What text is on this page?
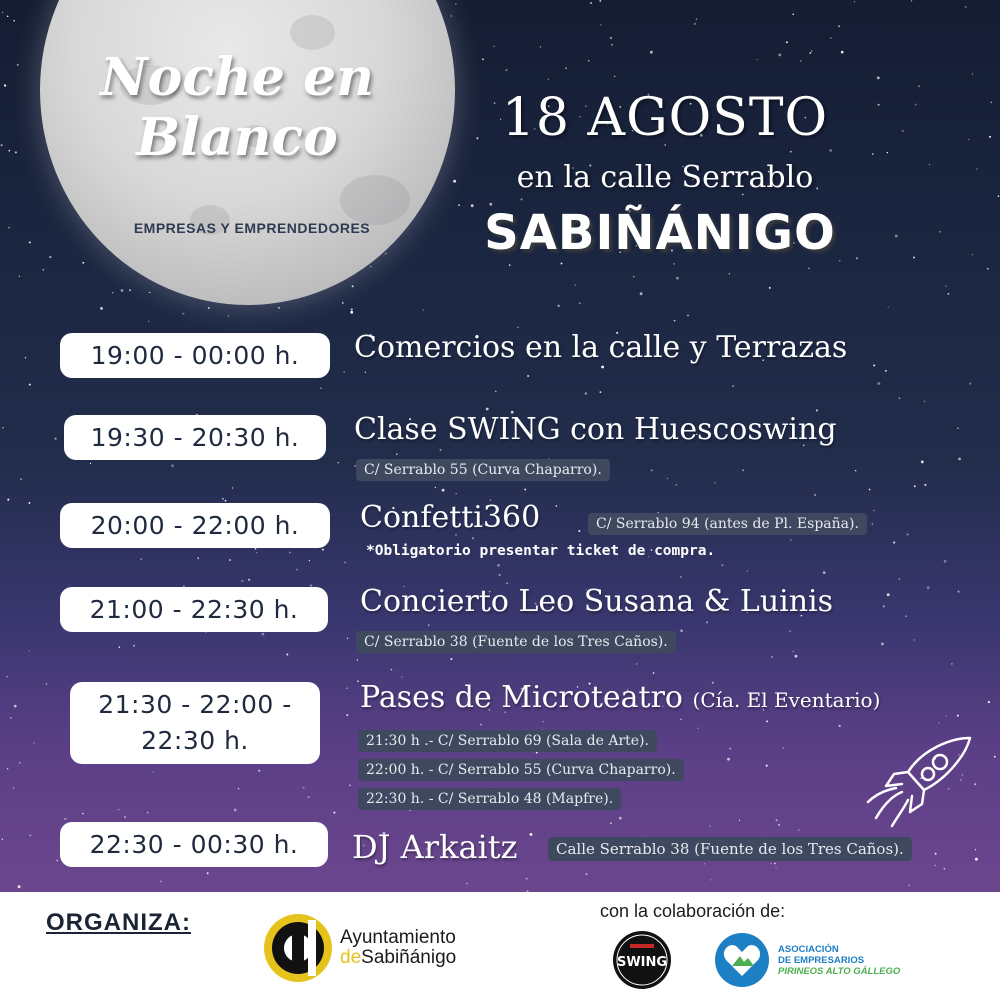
Noche en
Blanco
EMPRESAS Y EMPRENDEDORES
18 AGOSTO
en la calle Serrablo
SABIÑÁNIGO
19:00 - 00:00 h.	Comercios en la calle y Terrazas
19:30 - 20:30 h.	Clase SWING con Huescoswing
C/ Serrablo 55 (Curva Chaparro).
20:00 - 22:00 h.	Confetti360	C/ Serrablo 94 (antes de Pl. España).
*Obligatorio presentar ticket de compra.
21:00 - 22:30 h.	Concierto Leo Susana & Luinis
C/ Serrablo 38 (Fuente de los Tres Caños).
21:30 - 22:00 -
22:30 h.
Pases de Microteatro (Cía. El Eventario)
21:30 h .- C/ Serrablo 69 (Sala de Arte).
22:00 h. - C/ Serrablo 55 (Curva Chaparro).
22:30 h. - C/ Serrablo 48 (Mapfre).
22:30 - 00:30 h.	DJ Arkaitz	Calle Serrablo 38 (Fuente de los Tres Caños).
ORGANIZA:
Ayuntamiento
deSabiñánigo
con la colaboración de:
SWING
ASOCIACIÓN
DE EMPRESARIOS
PIRINEOS ALTO GÁLLEGO
